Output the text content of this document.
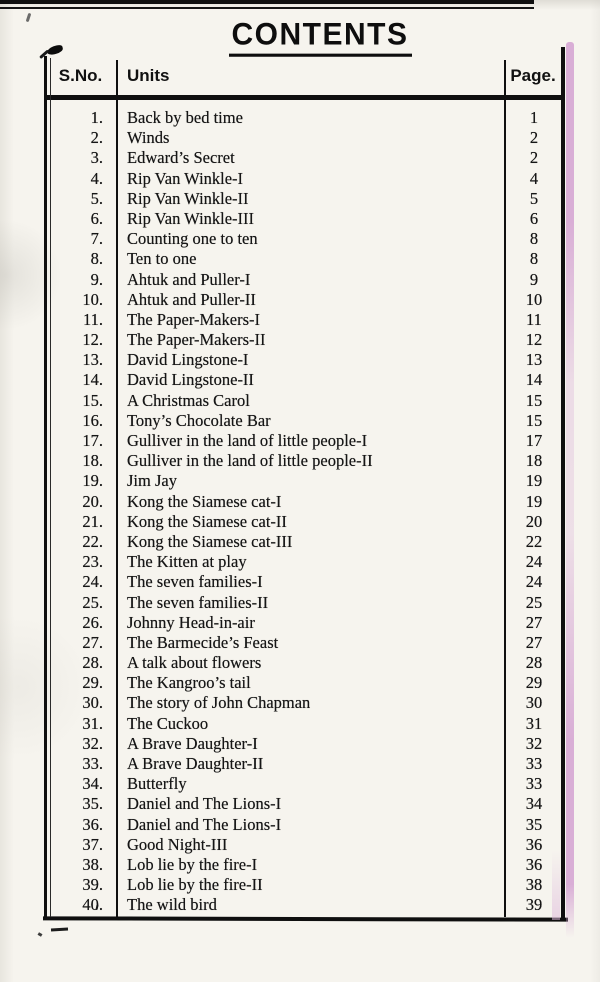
CONTENTS
S.No.	Units	Page.
1.	Back by bed time	1
2.	Winds	2
3.	Edward’s Secret	2
4.	Rip Van Winkle-I	4
5.	Rip Van Winkle-II	5
6.	Rip Van Winkle-III	6
7.	Counting one to ten	8
8.	Ten to one	8
9.	Ahtuk and Puller-I	9
10.	Ahtuk and Puller-II	10
11.	The Paper-Makers-I	11
12.	The Paper-Makers-II	12
13.	David Lingstone-I	13
14.	David Lingstone-II	14
15.	A Christmas Carol	15
16.	Tony’s Chocolate Bar	15
17.	Gulliver in the land of little people-I	17
18.	Gulliver in the land of little people-II	18
19.	Jim Jay	19
20.	Kong the Siamese cat-I	19
21.	Kong the Siamese cat-II	20
22.	Kong the Siamese cat-III	22
23.	The Kitten at play	24
24.	The seven families-I	24
25.	The seven families-II	25
26.	Johnny Head-in-air	27
27.	The Barmecide’s Feast	27
28.	A talk about flowers	28
29.	The Kangroo’s tail	29
30.	The story of John Chapman	30
31.	The Cuckoo	31
32.	A Brave Daughter-I	32
33.	A Brave Daughter-II	33
34.	Butterfly	33
35.	Daniel and The Lions-I	34
36.	Daniel and The Lions-I	35
37.	Good Night-III	36
38.	Lob lie by the fire-I	36
39.	Lob lie by the fire-II	38
40.	The wild bird	39
